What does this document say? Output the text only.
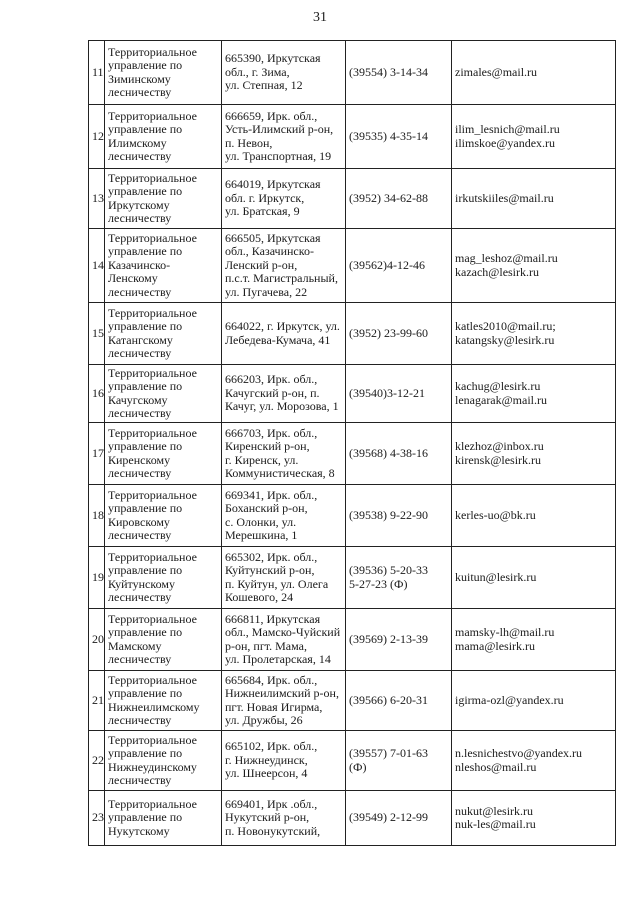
31
11	Территориальное
управление по
Зиминскому
лесничеству	665390, Иркутская
обл., г. Зима,
ул. Степная, 12	(39554) 3-14-34	zimales@mail.ru

12	Территориальное
управление по
Илимскому
лесничеству	666659, Ирк. обл.,
Усть-Илимский р-он,
п. Невон,
ул. Транспортная, 19	(39535) 4-35-14	ilim_lesnich@mail.ru
ilimskoe@yandex.ru

13	Территориальное
управление по
Иркутскому
лесничеству	664019, Иркутская
обл. г. Иркутск,
ул. Братская, 9	(3952) 34-62-88	irkutskiiles@mail.ru

14	Территориальное
управление по
Казачинско-
Ленскому
лесничеству	666505, Иркутская
обл., Казачинско-
Ленский р-он,
п.с.т. Магистральный,
ул. Пугачева, 22	(39562)4-12-46	mag_leshoz@mail.ru
kazach@lesirk.ru

15	Территориальное
управление по
Катангскому
лесничеству	664022, г. Иркутск, ул.
Лебедева-Кумача, 41	(3952) 23-99-60	katles2010@mail.ru;
katangsky@lesirk.ru

16	Территориальное
управление по
Качугскому
лесничеству	666203, Ирк. обл.,
Качугский р-он, п.
Качуг, ул. Морозова, 1	(39540)3-12-21	kachug@lesirk.ru
lenagarak@mail.ru

17	Территориальное
управление по
Киренскому
лесничеству	666703, Ирк. обл.,
Киренский р-он,
г. Киренск, ул.
Коммунистическая, 8	(39568) 4-38-16	klezhoz@inbox.ru
kirensk@lesirk.ru

18	Территориальное
управление по
Кировскому
лесничеству	669341, Ирк. обл.,
Боханский р-он,
с. Олонки, ул.
Мерешкина, 1	(39538) 9-22-90	kerles-uo@bk.ru

19	Территориальное
управление по
Куйтунскому
лесничеству	665302, Ирк. обл.,
Куйтунский р-он,
п. Куйтун, ул. Олега
Кошевого, 24	(39536) 5-20-33
5-27-23 (Ф)	kuitun@lesirk.ru

20	Территориальное
управление по
Мамскому
лесничеству	666811, Иркутская
обл., Мамско-Чуйский
р-он, пгт. Мама,
ул. Пролетарская, 14	(39569) 2-13-39	mamsky-lh@mail.ru
mama@lesirk.ru

21	Территориальное
управление по
Нижнеилимскому
лесничеству	665684, Ирк. обл.,
Нижнеилимский р-он,
пгт. Новая Игирма,
ул. Дружбы, 26	(39566) 6-20-31	igirma-ozl@yandex.ru

22	Территориальное
управление по
Нижнеудинскому
лесничеству	665102, Ирк. обл.,
г. Нижнеудинск,
ул. Шнеерсон, 4	(39557) 7-01-63
(Ф)	n.lesnichestvo@yandex.ru
nleshos@mail.ru

23	Территориальное
управление по
Нукутскому	669401, Ирк .обл.,
Нукутский р-он,
п. Новонукутский,	(39549) 2-12-99	nukut@lesirk.ru
nuk-les@mail.ru
